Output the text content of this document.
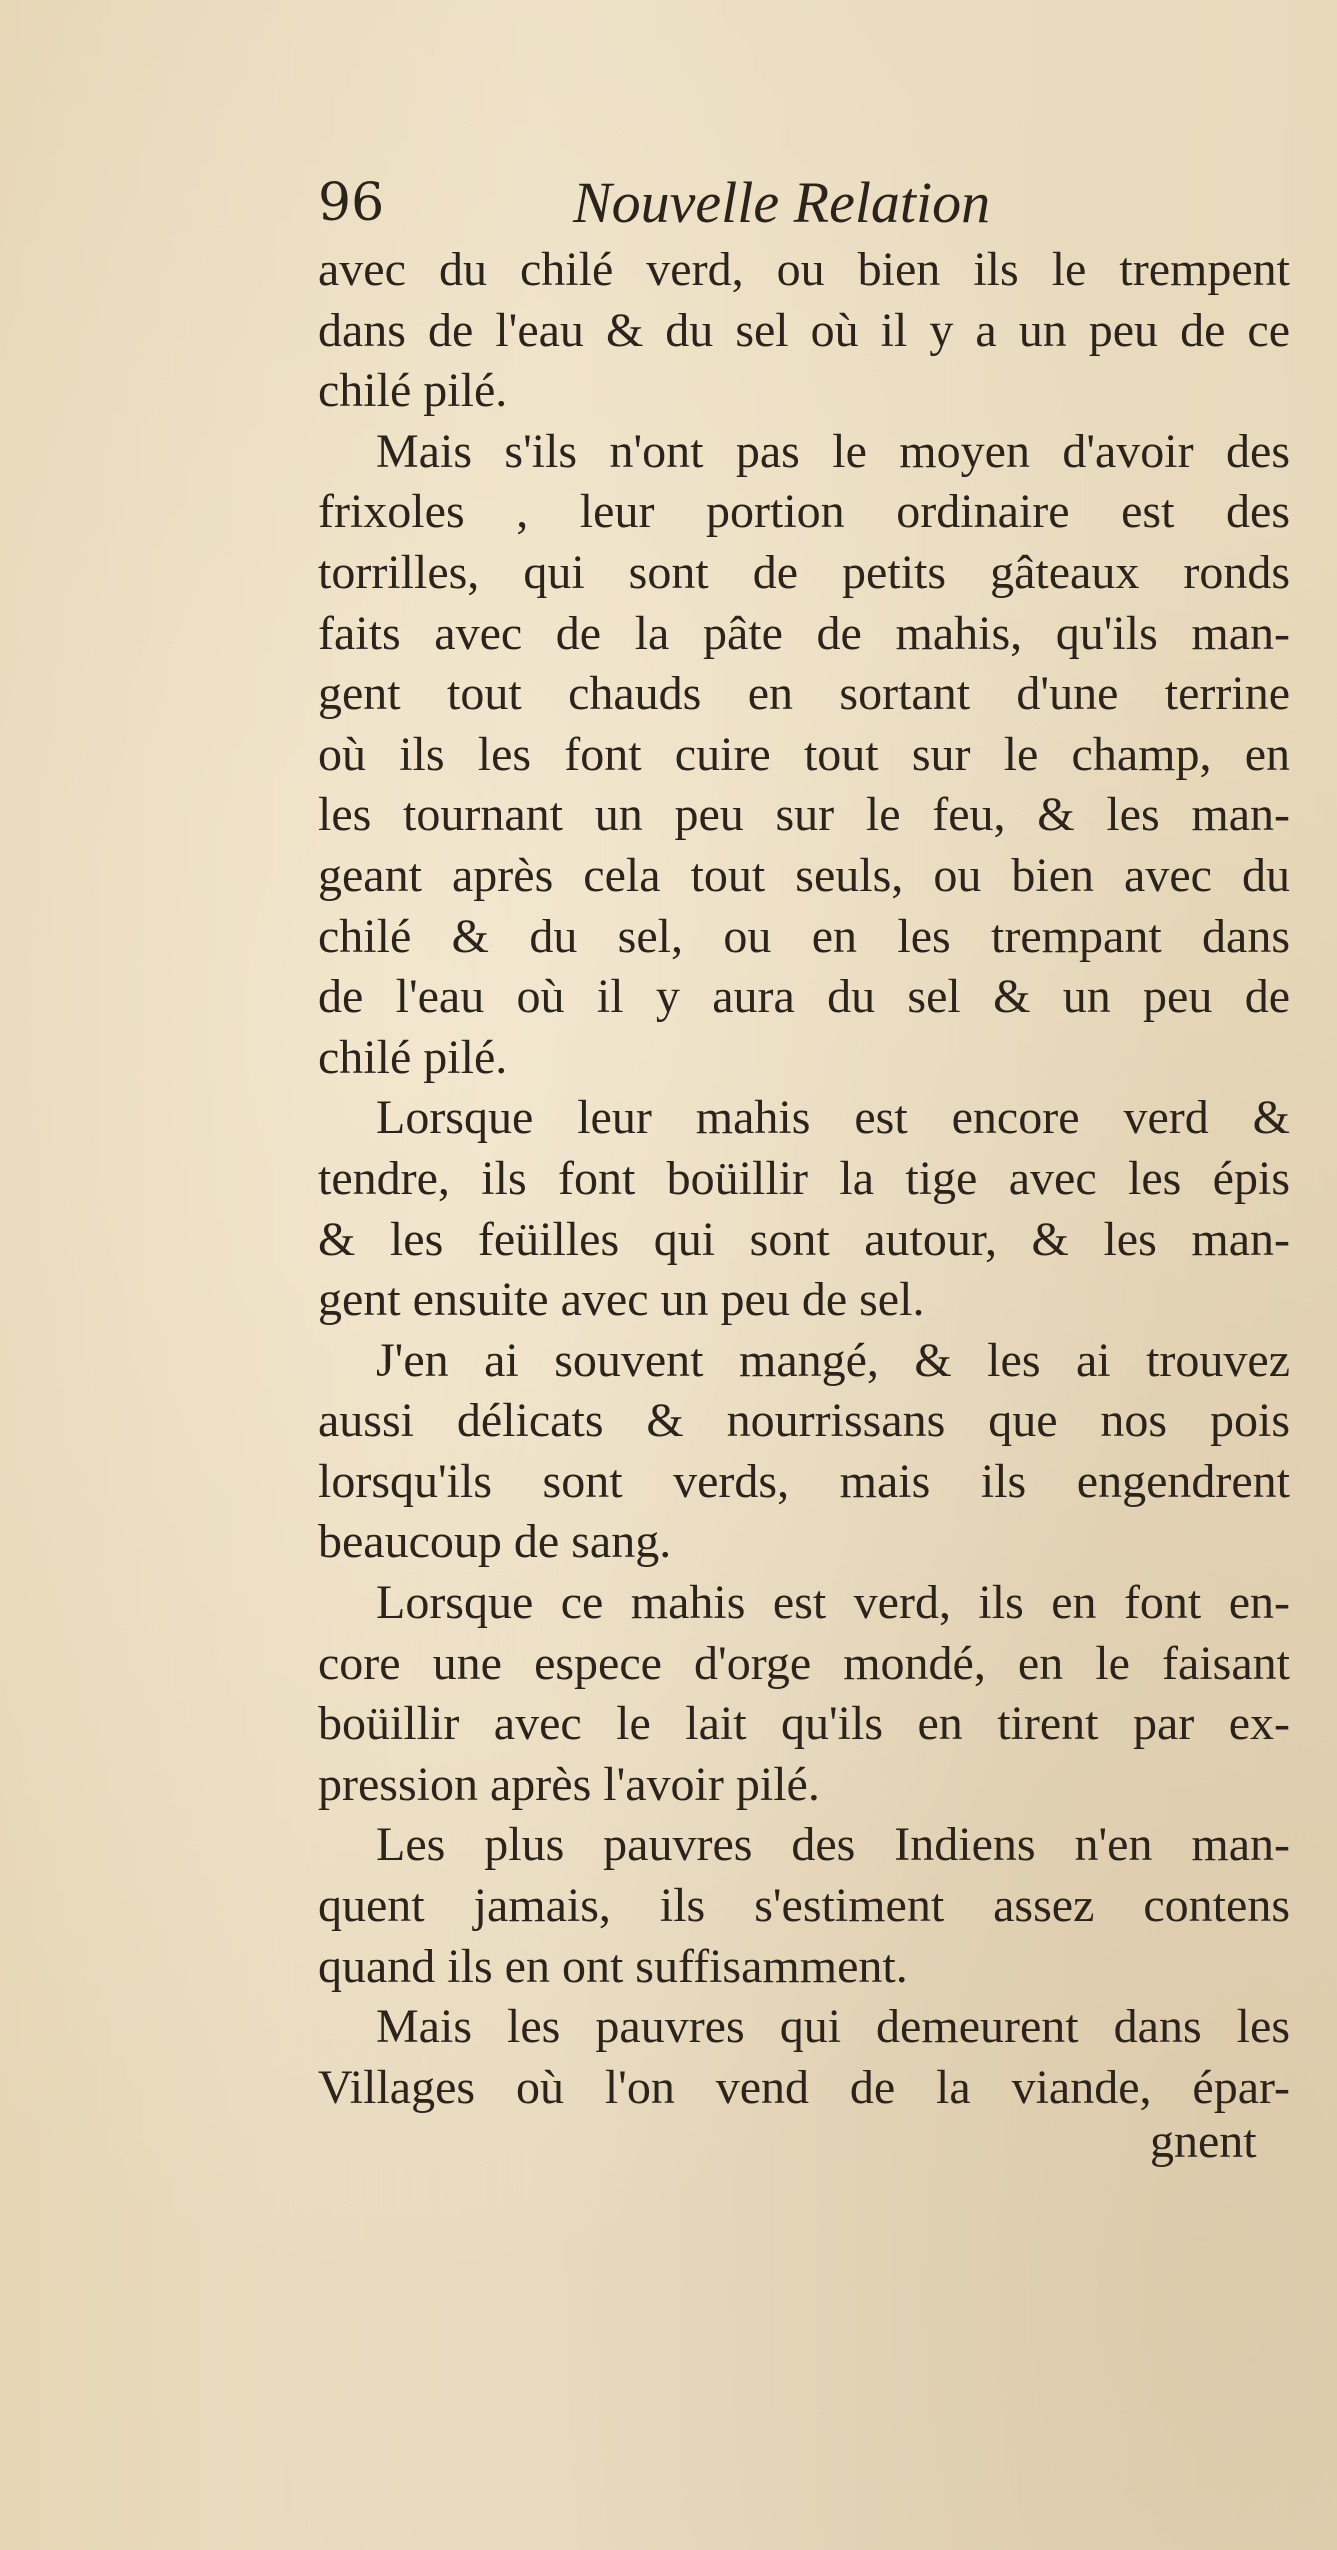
96	Nouvelle Relation
avec du chilé verd, ou bien ils le trempent
dans de l'eau & du sel où il y a un peu de ce
chilé pilé.
Mais s'ils n'ont pas le moyen d'avoir des
frixoles , leur portion ordinaire est des
torrilles, qui sont de petits gâteaux ronds
faits avec de la pâte de mahis, qu'ils man-
gent tout chauds en sortant d'une terrine
où ils les font cuire tout sur le champ, en
les tournant un peu sur le feu, & les man-
geant après cela tout seuls, ou bien avec du
chilé & du sel, ou en les trempant dans
de l'eau où il y aura du sel & un peu de
chilé pilé.
Lorsque leur mahis est encore verd &
tendre, ils font boüillir la tige avec les épis
& les feüilles qui sont autour, & les man-
gent ensuite avec un peu de sel.
J'en ai souvent mangé, & les ai trouvez
aussi délicats & nourrissans que nos pois
lorsqu'ils sont verds, mais ils engendrent
beaucoup de sang.
Lorsque ce mahis est verd, ils en font en-
core une espece d'orge mondé, en le faisant
boüillir avec le lait qu'ils en tirent par ex-
pression après l'avoir pilé.
Les plus pauvres des Indiens n'en man-
quent jamais, ils s'estiment assez contens
quand ils en ont suffisamment.
Mais les pauvres qui demeurent dans les
Villages où l'on vend de la viande, épar-
gnent
